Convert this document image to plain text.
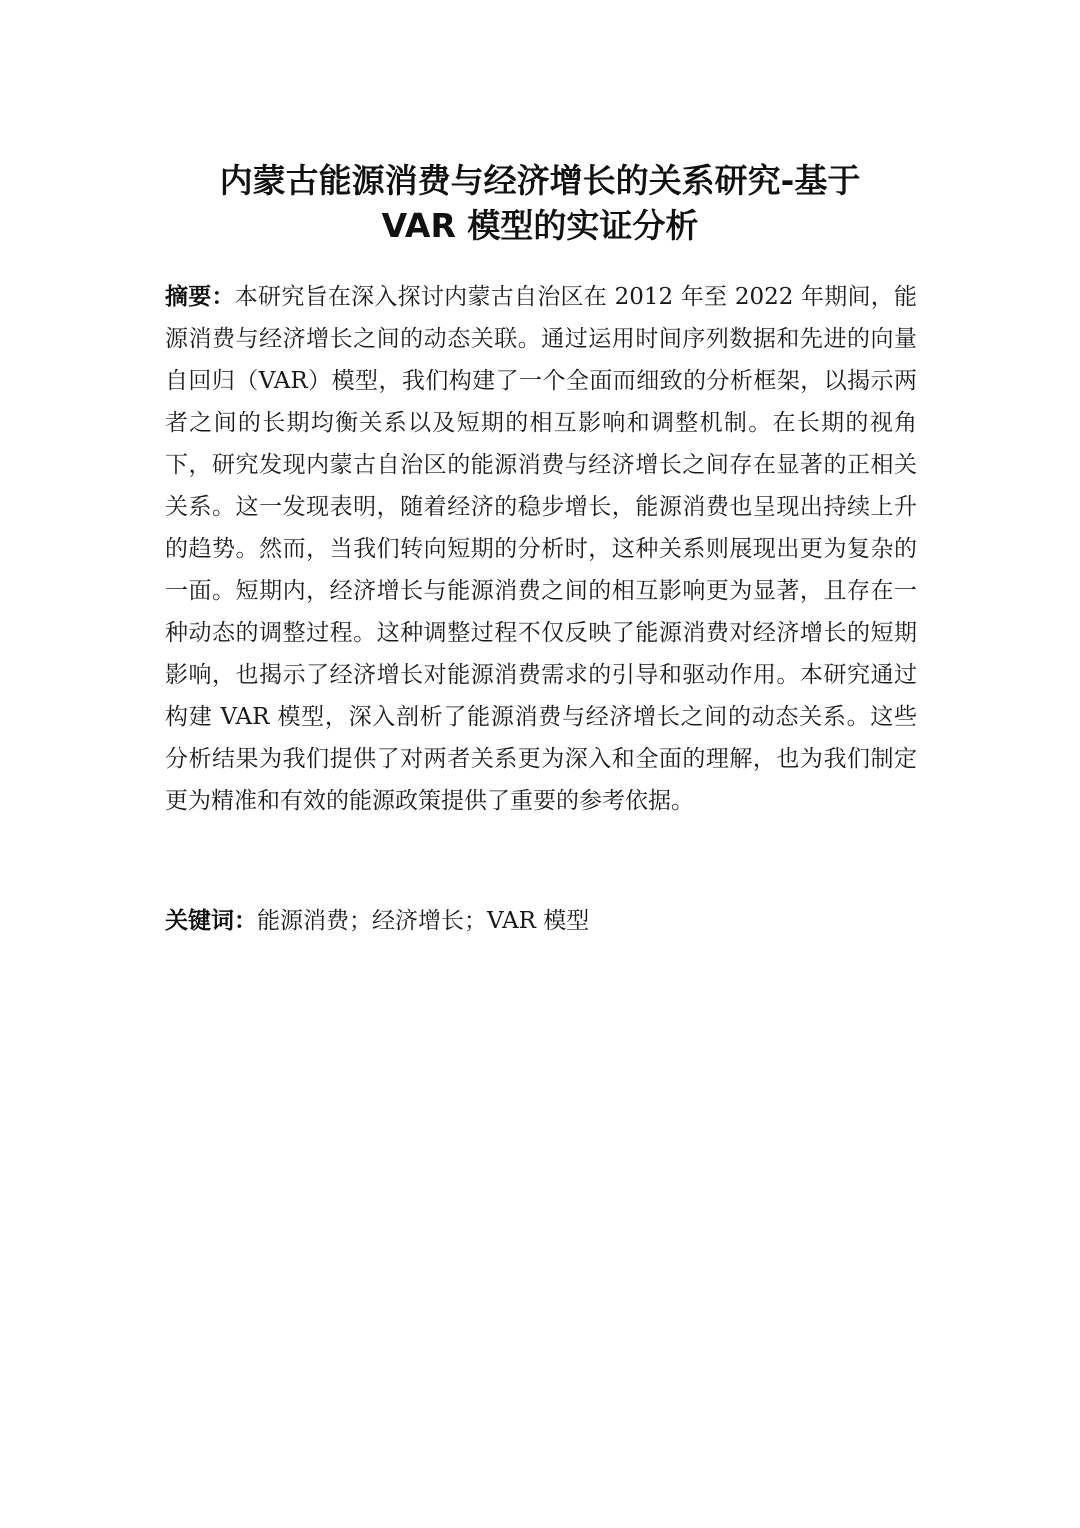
内蒙古能源消费与经济增长的关系研究-基于
VAR 模型的实证分析

摘要：本研究旨在深入探讨内蒙古自治区在 2012 年至 2022 年期间，能源消费与经济增长之间的动态关联。通过运用时间序列数据和先进的向量自回归（VAR）模型，我们构建了一个全面而细致的分析框架，以揭示两者之间的长期均衡关系以及短期的相互影响和调整机制。在长期的视角下，研究发现内蒙古自治区的能源消费与经济增长之间存在显著的正相关关系。这一发现表明，随着经济的稳步增长，能源消费也呈现出持续上升的趋势。然而，当我们转向短期的分析时，这种关系则展现出更为复杂的一面。短期内，经济增长与能源消费之间的相互影响更为显著，且存在一种动态的调整过程。这种调整过程不仅反映了能源消费对经济增长的短期影响，也揭示了经济增长对能源消费需求的引导和驱动作用。本研究通过构建 VAR 模型，深入剖析了能源消费与经济增长之间的动态关系。这些分析结果为我们提供了对两者关系更为深入和全面的理解，也为我们制定更为精准和有效的能源政策提供了重要的参考依据。

关键词：能源消费；经济增长；VAR 模型
